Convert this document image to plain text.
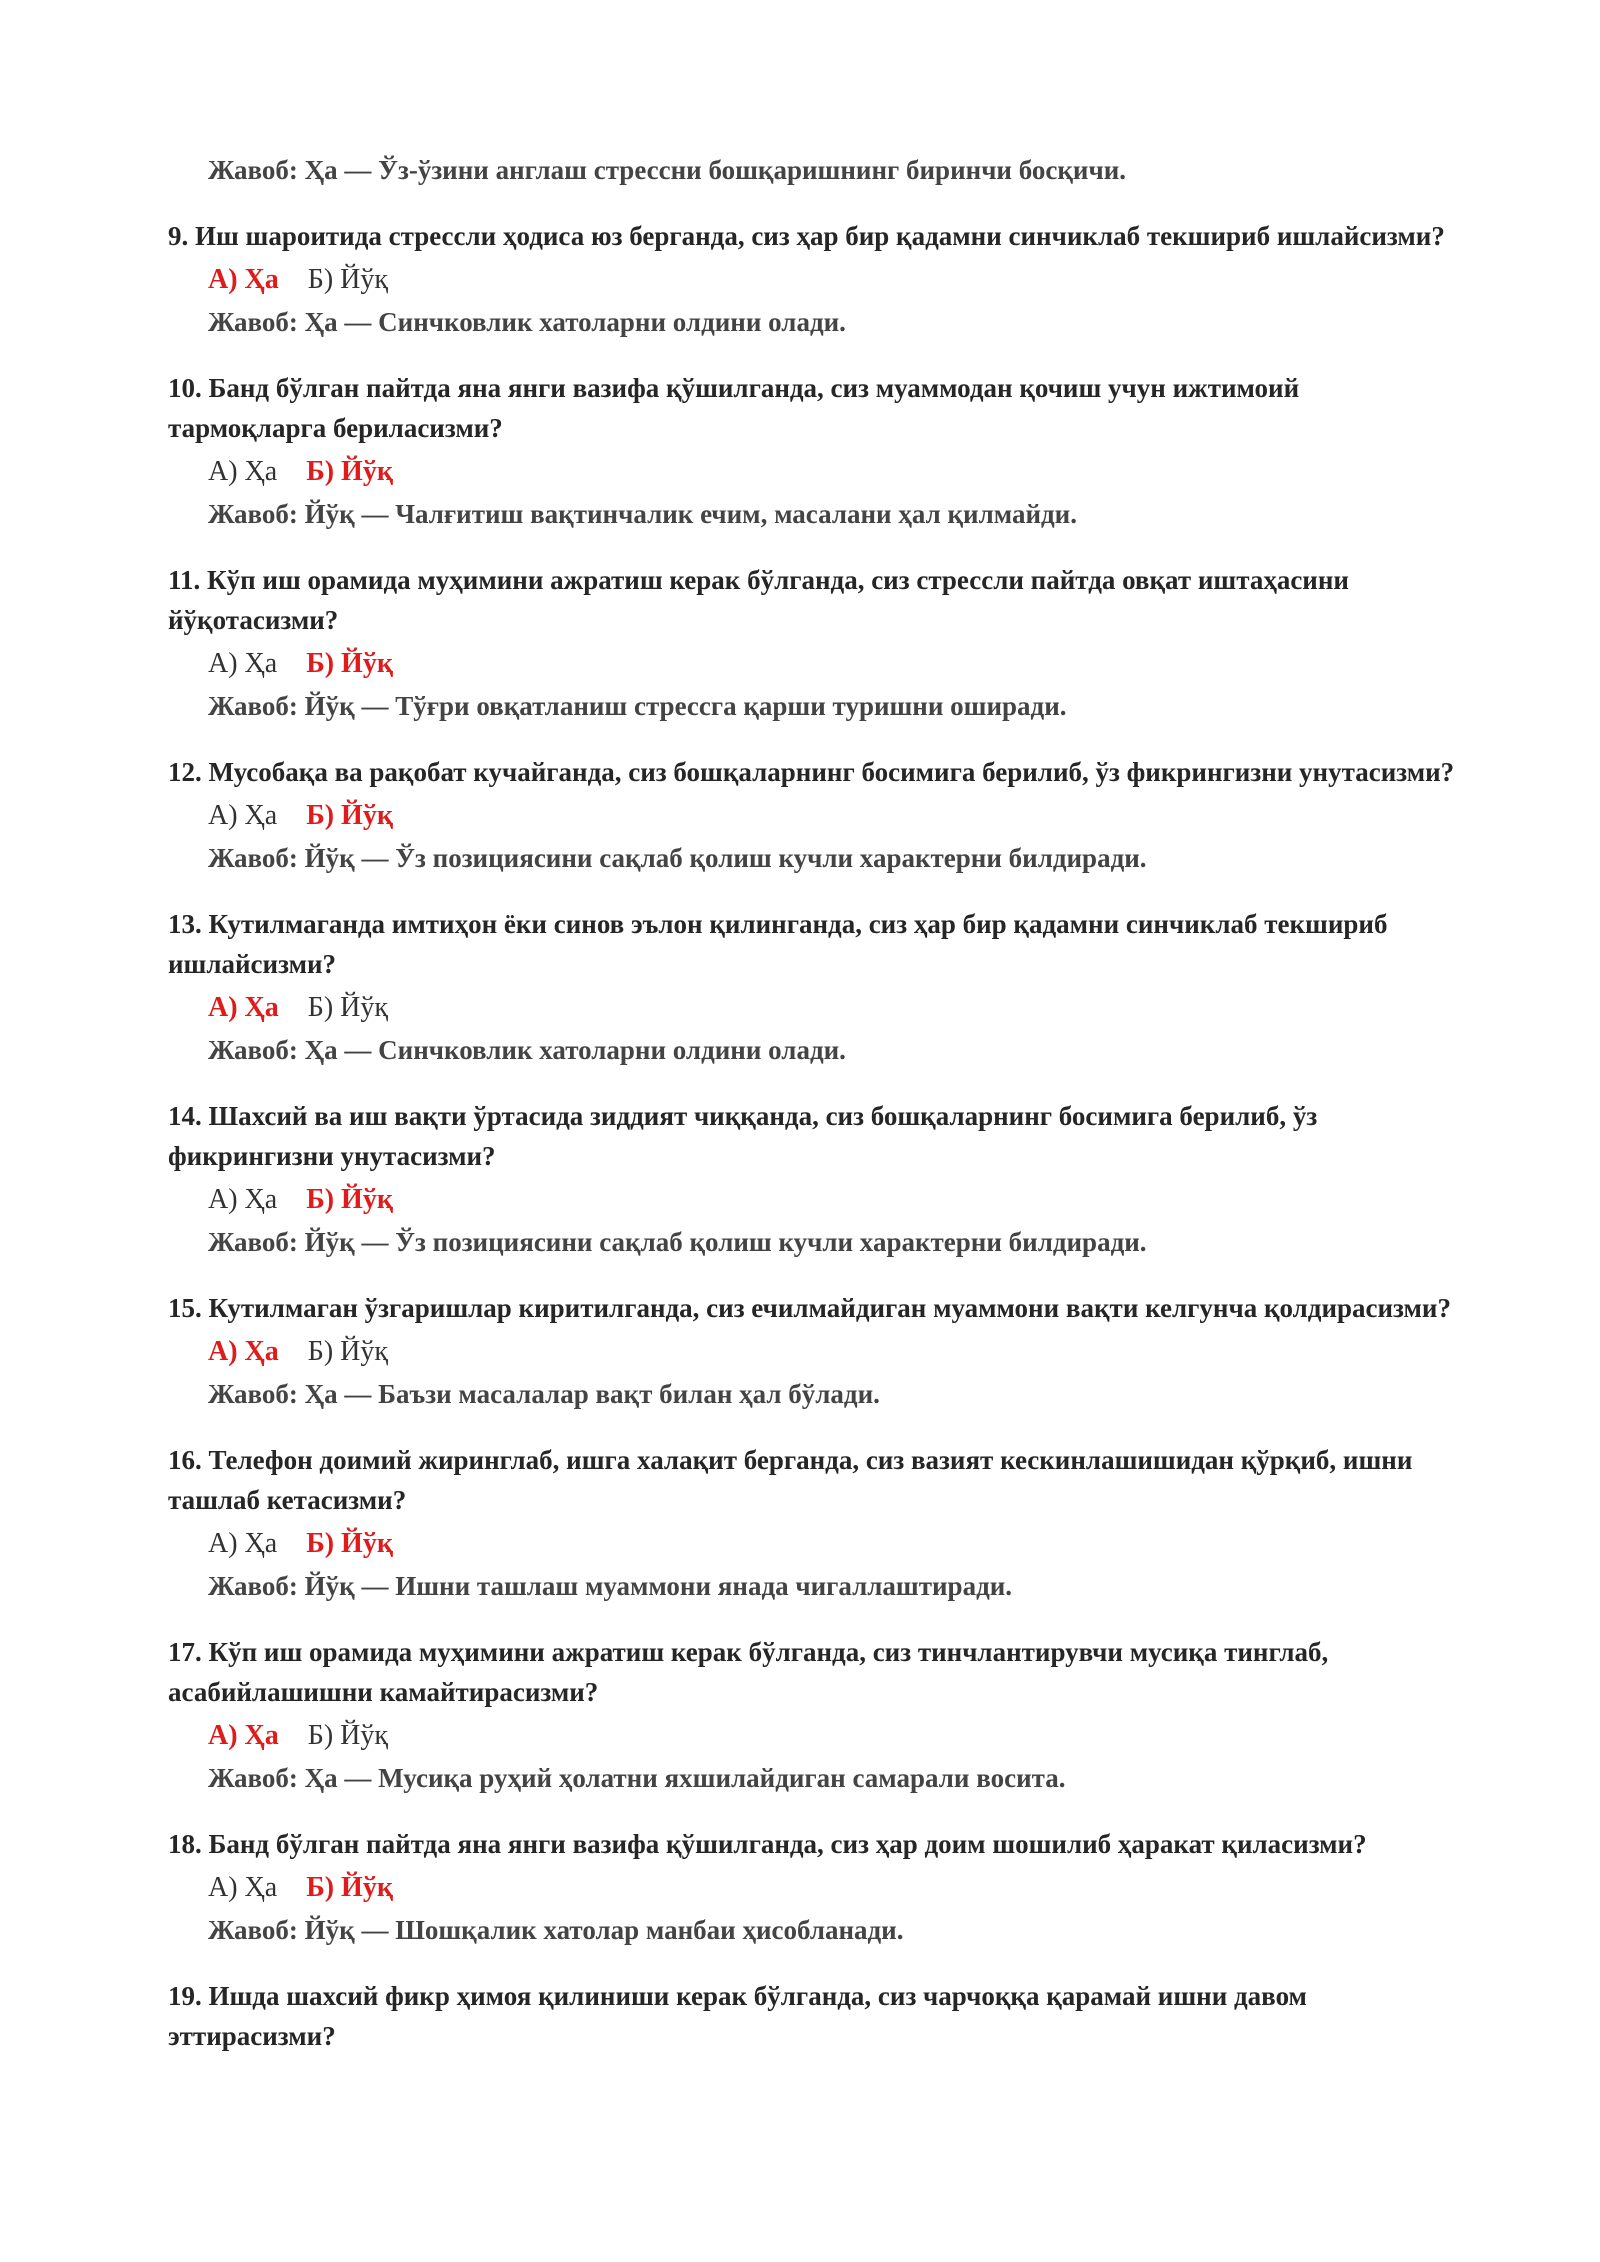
Жавоб: Ҳа — Ўз-ўзини англаш стрессни бошқаришнинг биринчи босқичи.
9. Иш шароитида стрессли ҳодиса юз берганда, сиз ҳар бир қадамни синчиклаб текшириб ишлайсизми?
А) Ҳа Б) Йўқ
Жавоб: Ҳа — Синчковлик хатоларни олдини олади.
10. Банд бўлган пайтда яна янги вазифа қўшилганда, сиз муаммодан қочиш учун ижтимоий тармоқларга бериласизми?
А) Ҳа Б) Йўқ
Жавоб: Йўқ — Чалғитиш вақтинчалик ечим, масалани ҳал қилмайди.
11. Кўп иш орамида муҳимини ажратиш керак бўлганда, сиз стрессли пайтда овқат иштаҳасини йўқотасизми?
А) Ҳа Б) Йўқ
Жавоб: Йўқ — Тўғри овқатланиш стрессга қарши туришни оширади.
12. Мусобақа ва рақобат кучайганда, сиз бошқаларнинг босимига берилиб, ўз фикрингизни унутасизми?
А) Ҳа Б) Йўқ
Жавоб: Йўқ — Ўз позициясини сақлаб қолиш кучли характерни билдиради.
13. Кутилмаганда имтиҳон ёки синов эълон қилинганда, сиз ҳар бир қадамни синчиклаб текшириб ишлайсизми?
А) Ҳа Б) Йўқ
Жавоб: Ҳа — Синчковлик хатоларни олдини олади.
14. Шахсий ва иш вақти ўртасида зиддият чиққанда, сиз бошқаларнинг босимига берилиб, ўз фикрингизни унутасизми?
А) Ҳа Б) Йўқ
Жавоб: Йўқ — Ўз позициясини сақлаб қолиш кучли характерни билдиради.
15. Кутилмаган ўзгаришлар киритилганда, сиз ечилмайдиган муаммони вақти келгунча қолдирасизми?
А) Ҳа Б) Йўқ
Жавоб: Ҳа — Баъзи масалалар вақт билан ҳал бўлади.
16. Телефон доимий жиринглаб, ишга халақит берганда, сиз вазият кескинлашишидан қўрқиб, ишни ташлаб кетасизми?
А) Ҳа Б) Йўқ
Жавоб: Йўқ — Ишни ташлаш муаммони янада чигаллаштиради.
17. Кўп иш орамида муҳимини ажратиш керак бўлганда, сиз тинчлантирувчи мусиқа тинглаб, асабийлашишни камайтирасизми?
А) Ҳа Б) Йўқ
Жавоб: Ҳа — Мусиқа руҳий ҳолатни яхшилайдиган самарали восита.
18. Банд бўлган пайтда яна янги вазифа қўшилганда, сиз ҳар доим шошилиб ҳаракат қиласизми?
А) Ҳа Б) Йўқ
Жавоб: Йўқ — Шошқалик хатолар манбаи ҳисобланади.
19. Ишда шахсий фикр ҳимоя қилиниши керак бўлганда, сиз чарчоққа қарамай ишни давом эттирасизми?
